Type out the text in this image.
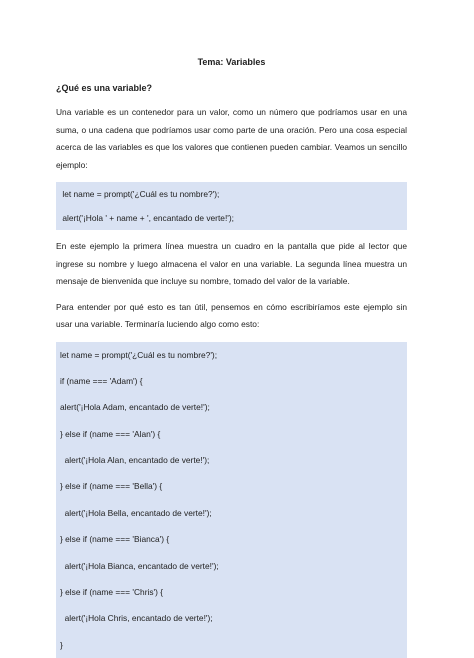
Tema: Variables
¿Qué es una variable?

Una variable es un contenedor para un valor, como un número que podríamos usar en una suma, o una cadena que podríamos usar como parte de una oración. Pero una cosa especial acerca de las variables es que los valores que contienen pueden cambiar. Veamos un sencillo ejemplo:

let name = prompt('¿Cuál es tu nombre?');
alert('¡Hola ' + name + ', encantado de verte!');

En este ejemplo la primera línea muestra un cuadro en la pantalla que pide al lector que ingrese su nombre y luego almacena el valor en una variable. La segunda línea muestra un mensaje de bienvenida que incluye su nombre, tomado del valor de la variable.

Para entender por qué esto es tan útil, pensemos en cómo escribiríamos este ejemplo sin usar una variable. Terminaría luciendo algo como esto:

let name = prompt('¿Cuál es tu nombre?');
if (name === 'Adam') {
alert('¡Hola Adam, encantado de verte!');
} else if (name === 'Alan') {
alert('¡Hola Alan, encantado de verte!');
} else if (name === 'Bella') {
alert('¡Hola Bella, encantado de verte!');
} else if (name === 'Bianca') {
alert('¡Hola Bianca, encantado de verte!');
} else if (name === 'Chris') {
alert('¡Hola Chris, encantado de verte!');
}
